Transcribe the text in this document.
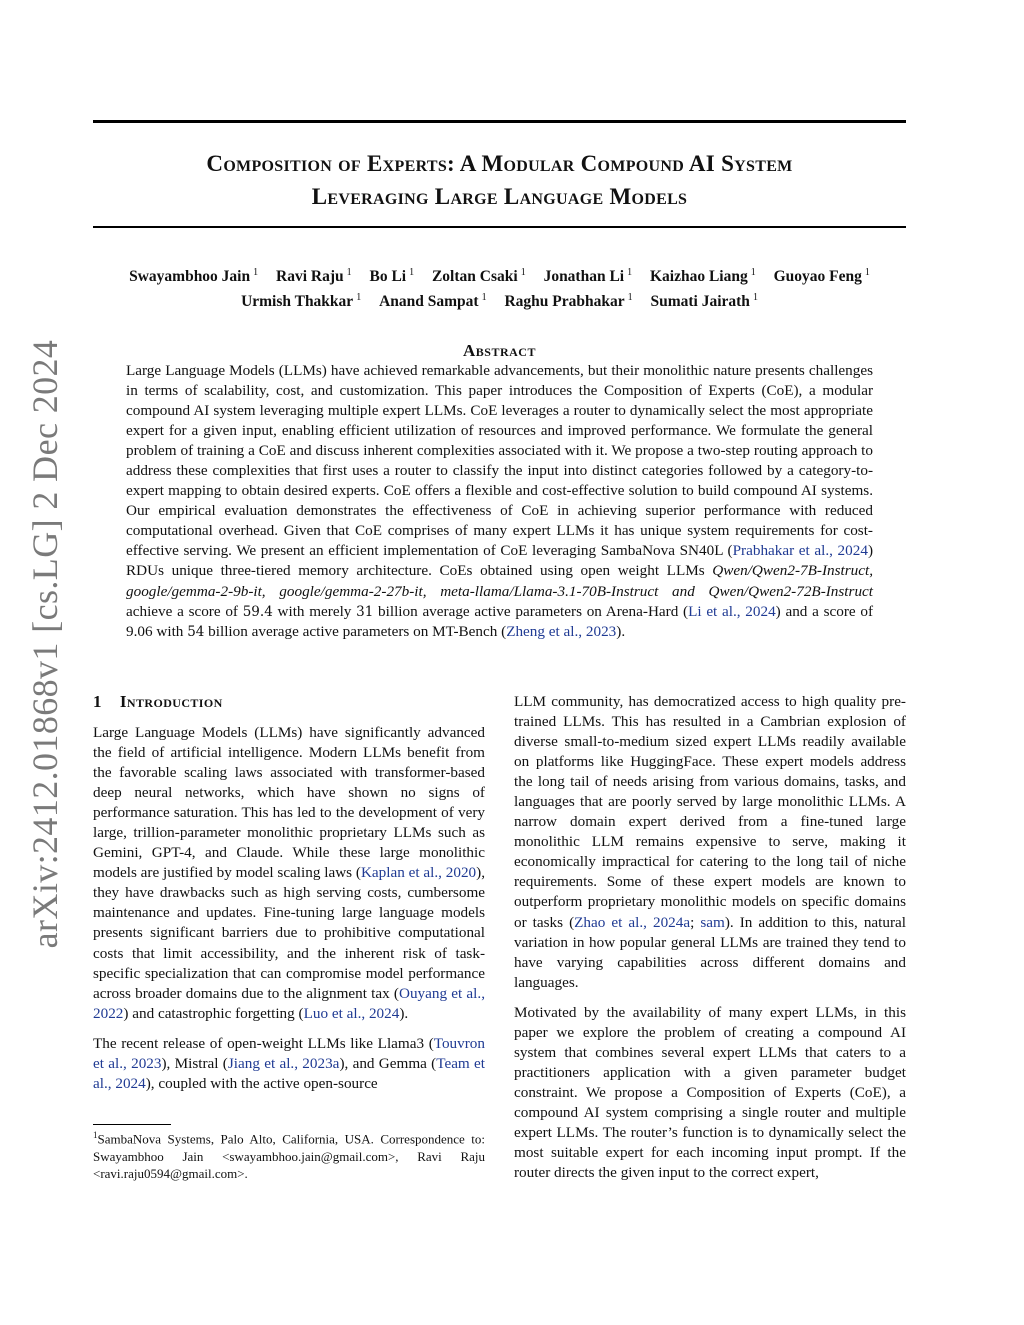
arXiv:2412.01868v1 [cs.LG] 2 Dec 2024
Composition of Experts: A Modular Compound AI System
Leveraging Large Language Models
Swayambhoo Jain $^1$ Ravi Raju $^1$ Bo Li $^1$ Zoltan Csaki $^1$ Jonathan Li $^1$ Kaizhao Liang $^1$ Guoyao Feng $^1$
Urmish Thakkar $^1$ Anand Sampat $^1$ Raghu Prabhakar $^1$ Sumati Jairath $^1$
Abstract

Large Language Models (LLMs) have achieved remarkable advancements, but their monolithic nature presents challenges in terms of scalability, cost, and customization. This paper introduces the Composition of Experts (CoE), a modular compound AI system leveraging multiple expert LLMs. CoE leverages a router to dynamically select the most appropriate expert for a given input, enabling efficient utilization of resources and improved performance. We formulate the general problem of training a CoE and discuss inherent complexities associated with it. We propose a two-step routing approach to address these complexities that first uses a router to classify the input into distinct categories followed by a category-to-expert mapping to obtain desired experts. CoE offers a flexible and cost-effective solution to build compound AI systems. Our empirical evaluation demonstrates the effectiveness of CoE in achieving superior performance with reduced computational overhead. Given that CoE comprises of many expert LLMs it has unique system requirements for cost-effective serving. We present an efficient implementation of CoE leveraging SambaNova SN40L (Prabhakar et al., 2024) RDUs unique three-tiered memory architecture. CoEs obtained using open weight LLMs Qwen/Qwen2-7B-Instruct, google/gemma-2-9b-it, google/gemma-2-27b-it, meta-llama/Llama-3.1-70B-Instruct and Qwen/Qwen2-72B-Instruct achieve a score of 59.4 with merely 31 billion average active parameters on Arena-Hard (Li et al., 2024) and a score of 9.06 with 54 billion average active parameters on MT-Bench (Zheng et al., 2023).

1 Introduction

Large Language Models (LLMs) have significantly advanced the field of artificial intelligence. Modern LLMs benefit from the favorable scaling laws associated with transformer-based deep neural networks, which have shown no signs of performance saturation. This has led to the development of very large, trillion-parameter monolithic proprietary LLMs such as Gemini, GPT-4, and Claude. While these large monolithic models are justified by model scaling laws (Kaplan et al., 2020), they have drawbacks such as high serving costs, cumbersome maintenance and updates. Fine-tuning large language models presents significant barriers due to prohibitive computational costs that limit accessibility, and the inherent risk of task-specific specialization that can compromise model performance across broader domains due to the alignment tax (Ouyang et al., 2022) and catastrophic forgetting (Luo et al., 2024).

The recent release of open-weight LLMs like Llama3 (Touvron et al., 2023), Mistral (Jiang et al., 2023a), and Gemma (Team et al., 2024), coupled with the active open-source

$^1$SambaNova Systems, Palo Alto, California, USA. Correspondence to: Swayambhoo Jain <swayambhoo.jain@gmail.com>, Ravi Raju <ravi.raju0594@gmail.com>.

LLM community, has democratized access to high quality pre-trained LLMs. This has resulted in a Cambrian explosion of diverse small-to-medium sized expert LLMs readily available on platforms like HuggingFace. These expert models address the long tail of needs arising from various domains, tasks, and languages that are poorly served by large monolithic LLMs. A narrow domain expert derived from a fine-tuned large monolithic LLM remains expensive to serve, making it economically impractical for catering to the long tail of niche requirements. Some of these expert models are known to outperform proprietary monolithic models on specific domains or tasks (Zhao et al., 2024a; sam). In addition to this, natural variation in how popular general LLMs are trained they tend to have varying capabilities across different domains and languages.

Motivated by the availability of many expert LLMs, in this paper we explore the problem of creating a compound AI system that combines several expert LLMs that caters to a practitioners application with a given parameter budget constraint. We propose a Composition of Experts (CoE), a compound AI system comprising a single router and multiple expert LLMs. The router’s function is to dynamically select the most suitable expert for each incoming input prompt. If the router directs the given input to the correct expert,
